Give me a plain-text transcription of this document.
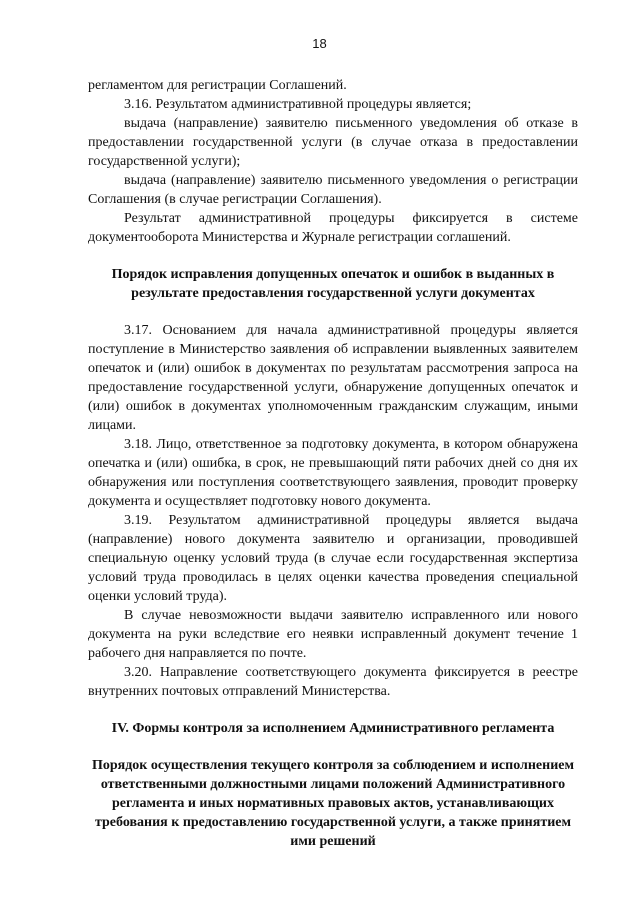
18

регламентом для регистрации Соглашений.

3.16. Результатом административной процедуры является;

выдача (направление) заявителю письменного уведомления об отказе в предоставлении государственной услуги (в случае отказа в предоставлении государственной услуги);

выдача (направление) заявителю письменного уведомления о регистрации Соглашения (в случае регистрации Соглашения).

Результат административной процедуры фиксируется в системе документооборота Министерства и Журнале регистрации соглашений.

Порядок исправления допущенных опечаток и ошибок в выданных в результате предоставления государственной услуги документах

3.17. Основанием для начала административной процедуры является поступление в Министерство заявления об исправлении выявленных заявителем опечаток и (или) ошибок в документах по результатам рассмотрения запроса на предоставление государственной услуги, обнаружение допущенных опечаток и (или) ошибок в документах уполномоченным гражданским служащим, иными лицами.

3.18. Лицо, ответственное за подготовку документа, в котором обнаружена опечатка и (или) ошибка, в срок, не превышающий пяти рабочих дней со дня их обнаружения или поступления соответствующего заявления, проводит проверку документа и осуществляет подготовку нового документа.

3.19. Результатом административной процедуры является выдача (направление) нового документа заявителю и организации, проводившей специальную оценку условий труда (в случае если государственная экспертиза условий труда проводилась в целях оценки качества проведения специальной оценки условий труда).

В случае невозможности выдачи заявителю исправленного или нового документа на руки вследствие его неявки исправленный документ течение 1 рабочего дня направляется по почте.

3.20. Направление соответствующего документа фиксируется в реестре внутренних почтовых отправлений Министерства.

IV. Формы контроля за исполнением Административного регламента

Порядок осуществления текущего контроля за соблюдением и исполнением ответственными должностными лицами положений Административного регламента и иных нормативных правовых актов, устанавливающих требования к предоставлению государственной услуги, а также принятием ими решений
